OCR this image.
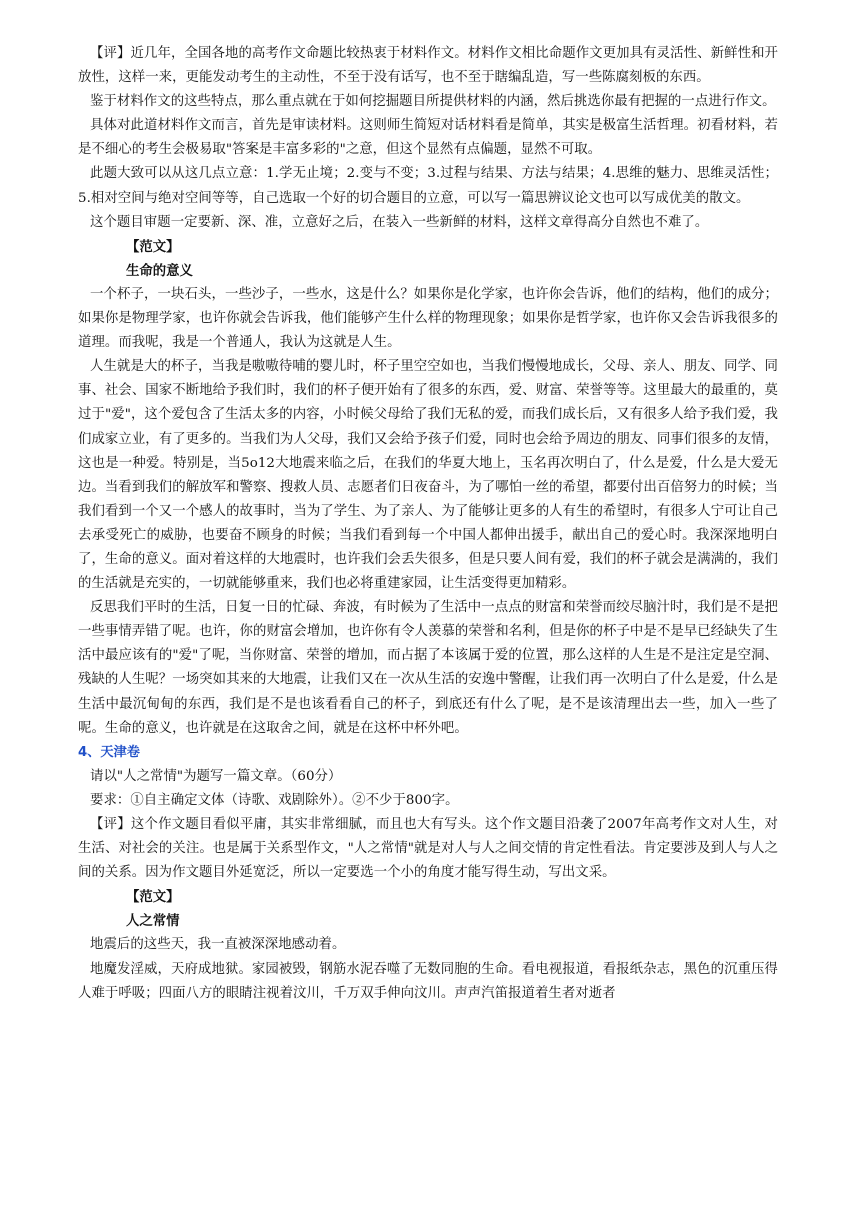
【评】近几年，全国各地的高考作文命题比较热衷于材料作文。材料作文相比命题作文更加具有灵活性、新鲜性和开放性，这样一来，更能发动考生的主动性，不至于没有话写，也不至于瞎编乱造，写一些陈腐刻板的东西。

鉴于材料作文的这些特点，那么重点就在于如何挖掘题目所提供材料的内涵，然后挑选你最有把握的一点进行作文。

具体对此道材料作文而言，首先是审读材料。这则师生简短对话材料看是简单，其实是极富生活哲理。初看材料，若是不细心的考生会极易取"答案是丰富多彩的"之意，但这个显然有点偏题，显然不可取。

此题大致可以从这几点立意：1.学无止境；2.变与不变；3.过程与结果、方法与结果；4.思维的魅力、思维灵活性；5.相对空间与绝对空间等等，自己选取一个好的切合题目的立意，可以写一篇思辨议论文也可以写成优美的散文。

这个题目审题一定要新、深、准，立意好之后，在装入一些新鲜的材料，这样文章得高分自然也不难了。

【范文】

生命的意义

一个杯子，一块石头，一些沙子，一些水，这是什么？如果你是化学家，也许你会告诉，他们的结构，他们的成分；如果你是物理学家，也许你就会告诉我，他们能够产生什么样的物理现象；如果你是哲学家，也许你又会告诉我很多的道理。而我呢，我是一个普通人，我认为这就是人生。

人生就是大的杯子，当我是嗷嗷待哺的婴儿时，杯子里空空如也，当我们慢慢地成长，父母、亲人、朋友、同学、同事、社会、国家不断地给予我们时，我们的杯子便开始有了很多的东西，爱、财富、荣誉等等。这里最大的最重的，莫过于"爱"，这个爱包含了生活太多的内容，小时候父母给了我们无私的爱，而我们成长后，又有很多人给予我们爱，我们成家立业，有了更多的。当我们为人父母，我们又会给予孩子们爱，同时也会给予周边的朋友、同事们很多的友情，这也是一种爱。特别是，当5o12大地震来临之后，在我们的华夏大地上，玉名再次明白了，什么是爱，什么是大爱无边。当看到我们的解放军和警察、搜救人员、志愿者们日夜奋斗，为了哪怕一丝的希望，都要付出百倍努力的时候；当我们看到一个又一个感人的故事时，当为了学生、为了亲人、为了能够让更多的人有生的希望时，有很多人宁可让自己去承受死亡的威胁，也要奋不顾身的时候；当我们看到每一个中国人都伸出援手，献出自己的爱心时。我深深地明白了，生命的意义。面对着这样的大地震时，也许我们会丢失很多，但是只要人间有爱，我们的杯子就会是满满的，我们的生活就是充实的，一切就能够重来，我们也必将重建家园，让生活变得更加精彩。

反思我们平时的生活，日复一日的忙碌、奔波，有时候为了生活中一点点的财富和荣誉而绞尽脑汁时，我们是不是把一些事情弄错了呢。也许，你的财富会增加，也许你有令人羡慕的荣誉和名利，但是你的杯子中是不是早已经缺失了生活中最应该有的"爱"了呢，当你财富、荣誉的增加，而占据了本该属于爱的位置，那么这样的人生是不是注定是空洞、残缺的人生呢？一场突如其来的大地震，让我们又在一次从生活的安逸中警醒，让我们再一次明白了什么是爱，什么是生活中最沉甸甸的东西，我们是不是也该看看自己的杯子，到底还有什么了呢，是不是该清理出去一些，加入一些了呢。生命的意义，也许就是在这取舍之间，就是在这杯中杯外吧。

4、天津卷

请以"人之常情"为题写一篇文章。（60分）

要求：①自主确定文体（诗歌、戏剧除外）。②不少于800字。

【评】这个作文题目看似平庸，其实非常细腻，而且也大有写头。这个作文题目沿袭了2007年高考作文对人生，对生活、对社会的关注。也是属于关系型作文，"人之常情"就是对人与人之间交情的肯定性看法。肯定要涉及到人与人之间的关系。因为作文题目外延宽泛，所以一定要选一个小的角度才能写得生动，写出文采。

【范文】

人之常情

地震后的这些天，我一直被深深地感动着。

地魔发淫威，天府成地狱。家园被毁，钢筋水泥吞噬了无数同胞的生命。看电视报道，看报纸杂志，黑色的沉重压得人难于呼吸；四面八方的眼睛注视着汶川，千万双手伸向汶川。声声汽笛报道着生者对逝者
